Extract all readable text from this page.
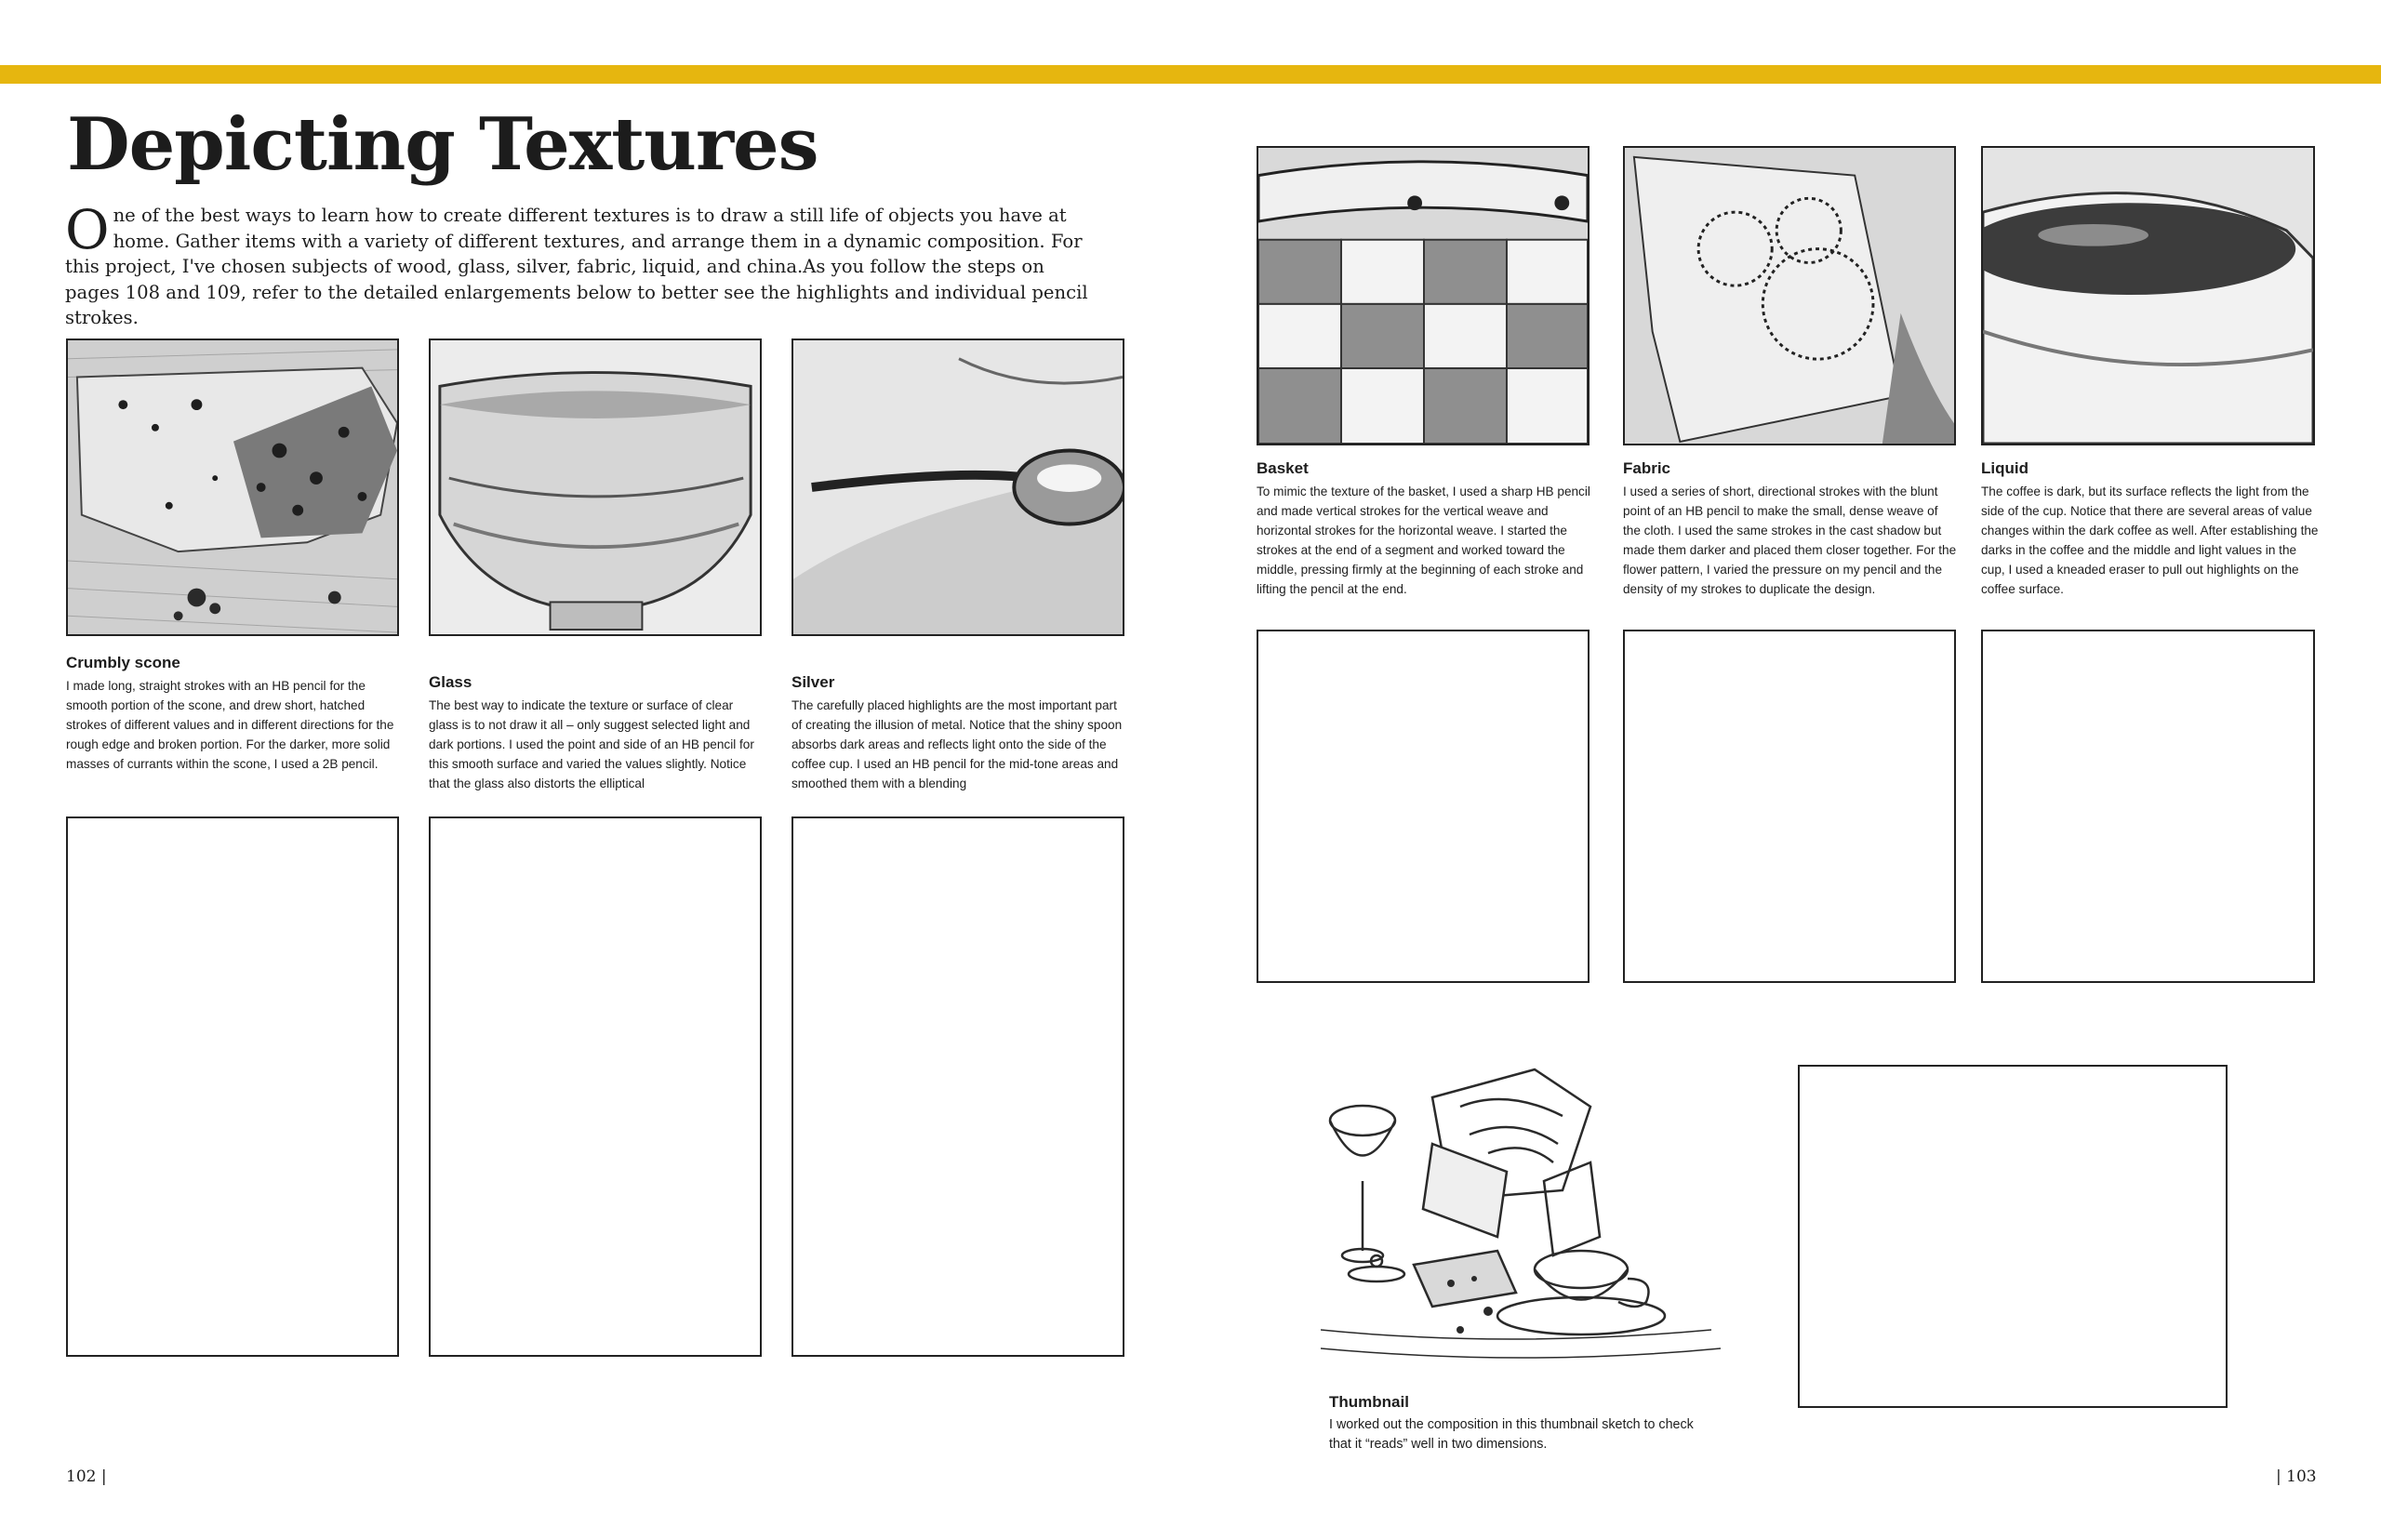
Depicting Textures

One of the best ways to learn how to create different textures is to draw a still life of objects you have at home. Gather items with a variety of different textures, and arrange them in a dynamic composition. For this project, I've chosen subjects of wood, glass, silver, fabric, liquid, and china.As you follow the steps on pages 108 and 109, refer to the detailed enlargements below to better see the highlights and individual pencil strokes.

Crumbly scone

I made long, straight strokes with an HB pencil for the smooth portion of the scone, and drew short, hatched strokes of different values and in different directions for the rough edge and broken portion. For the darker, more solid masses of currants within the scone, I used a 2B pencil.

Glass

The best way to indicate the texture or surface of clear glass is to not draw it all – only suggest selected light and dark portions. I used the point and side of an HB pencil for this smooth surface and varied the values slightly. Notice that the glass also distorts the elliptical

Silver

The carefully placed highlights are the most important part of creating the illusion of metal. Notice that the shiny spoon absorbs dark areas and reflects light onto the side of the coffee cup. I used an HB pencil for the mid-tone areas and smoothed them with a blending

Basket

To mimic the texture of the basket, I used a sharp HB pencil and made vertical strokes for the vertical weave and horizontal strokes for the horizontal weave. I started the strokes at the end of a segment and worked toward the middle, pressing firmly at the beginning of each stroke and lifting the pencil at the end.

Fabric

I used a series of short, directional strokes with the blunt point of an HB pencil to make the small, dense weave of the cloth. I used the same strokes in the cast shadow but made them darker and placed them closer together. For the flower pattern, I varied the pressure on my pencil and the density of my strokes to duplicate the design.

Liquid

The coffee is dark, but its surface reflects the light from the side of the cup. Notice that there are several areas of value changes within the dark coffee as well. After establishing the darks in the coffee and the middle and light values in the cup, I used a kneaded eraser to pull out highlights on the coffee surface.

Thumbnail

I worked out the composition in this thumbnail sketch to check that it “reads” well in two dimensions.

102 |	| 103
